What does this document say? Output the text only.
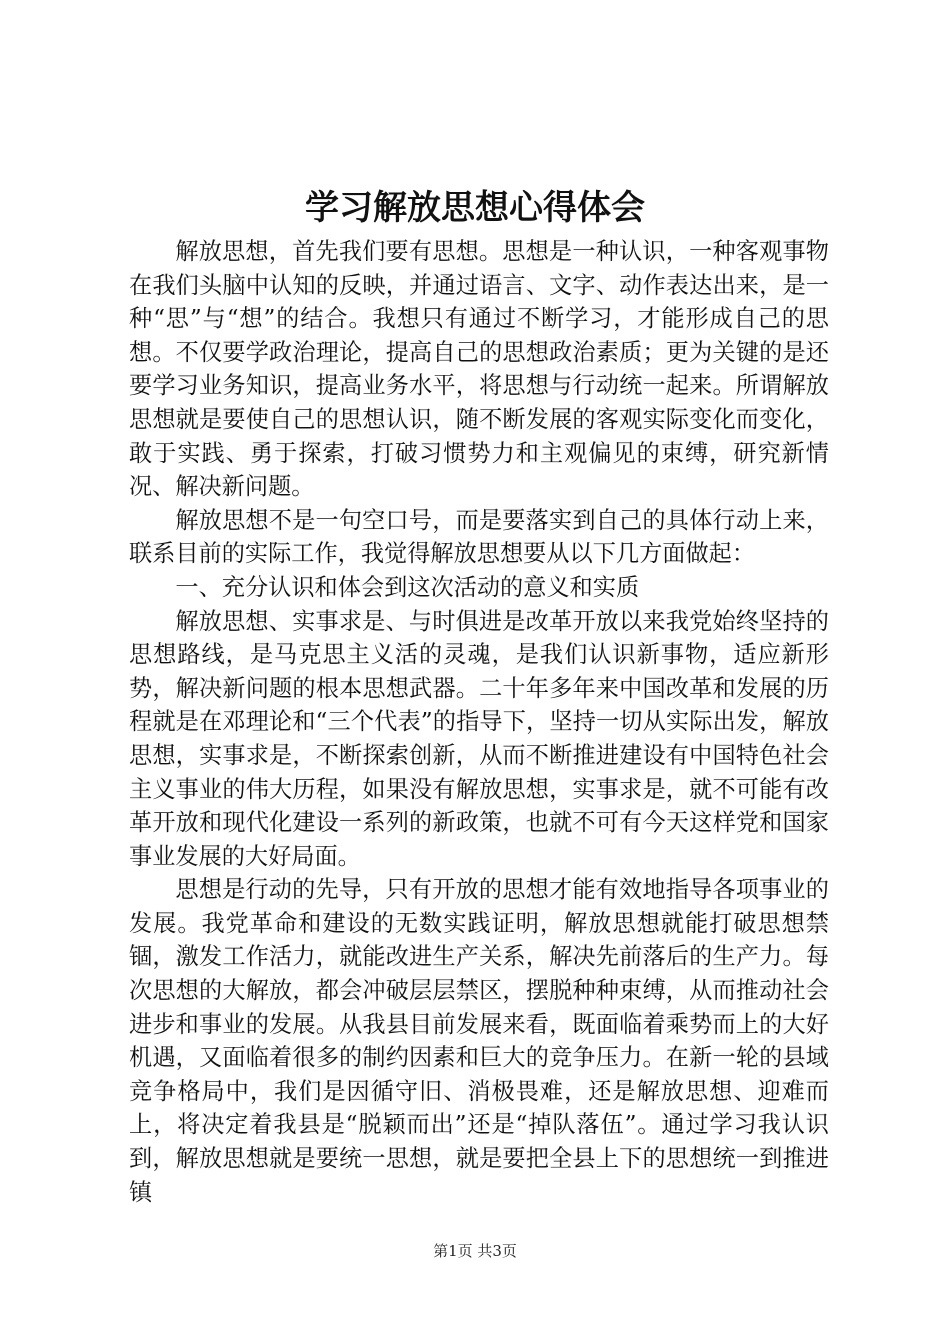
学习解放思想心得体会

解放思想，首先我们要有思想。思想是一种认识，一种客观事物在我们头脑中认知的反映，并通过语言、文字、动作表达出来，是一种“思”与“想”的结合。我想只有通过不断学习，才能形成自己的思想。不仅要学政治理论，提高自己的思想政治素质；更为关键的是还要学习业务知识，提高业务水平，将思想与行动统一起来。所谓解放思想就是要使自己的思想认识，随不断发展的客观实际变化而变化，敢于实践、勇于探索，打破习惯势力和主观偏见的束缚，研究新情况、解决新问题。

解放思想不是一句空口号，而是要落实到自己的具体行动上来，联系目前的实际工作，我觉得解放思想要从以下几方面做起：

一、充分认识和体会到这次活动的意义和实质

解放思想、实事求是、与时俱进是改革开放以来我党始终坚持的思想路线，是马克思主义活的灵魂，是我们认识新事物，适应新形势，解决新问题的根本思想武器。二十年多年来中国改革和发展的历程就是在邓理论和“三个代表”的指导下，坚持一切从实际出发，解放思想，实事求是，不断探索创新，从而不断推进建设有中国特色社会主义事业的伟大历程，如果没有解放思想，实事求是，就不可能有改革开放和现代化建设一系列的新政策，也就不可有今天这样党和国家事业发展的大好局面。

思想是行动的先导，只有开放的思想才能有效地指导各项事业的发展。我党革命和建设的无数实践证明，解放思想就能打破思想禁锢，激发工作活力，就能改进生产关系，解决先前落后的生产力。每次思想的大解放，都会冲破层层禁区，摆脱种种束缚，从而推动社会进步和事业的发展。从我县目前发展来看，既面临着乘势而上的大好机遇，又面临着很多的制约因素和巨大的竞争压力。在新一轮的县域竞争格局中，我们是因循守旧、消极畏难，还是解放思想、迎难而上，将决定着我县是“脱颖而出”还是“掉队落伍”。通过学习我认识到，解放思想就是要统一思想，就是要把全县上下的思想统一到推进镇

第1页 共3页
